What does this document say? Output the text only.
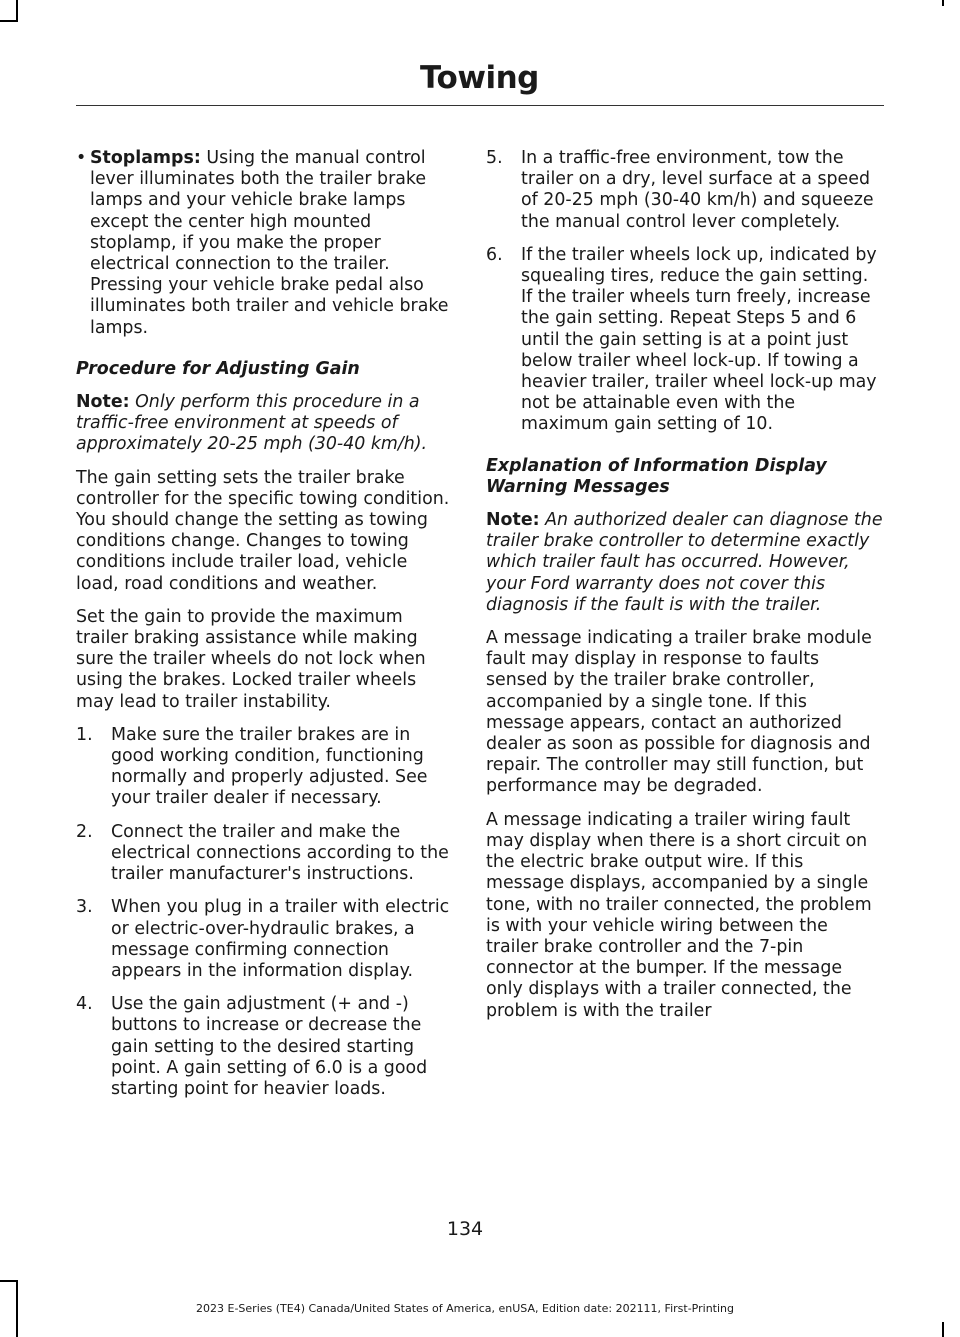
Towing
• Stoplamps: Using the manual control lever illuminates both the trailer brake lamps and your vehicle brake lamps except the center high mounted stoplamp, if you make the proper electrical connection to the trailer. Pressing your vehicle brake pedal also illuminates both trailer and vehicle brake lamps.

Procedure for Adjusting Gain

Note: Only perform this procedure in a traffic-free environment at speeds of approximately 20-25 mph (30-40 km/h).

The gain setting sets the trailer brake controller for the specific towing condition. You should change the setting as towing conditions change. Changes to towing conditions include trailer load, vehicle load, road conditions and weather.

Set the gain to provide the maximum trailer braking assistance while making sure the trailer wheels do not lock when using the brakes. Locked trailer wheels may lead to trailer instability.

1. Make sure the trailer brakes are in good working condition, functioning normally and properly adjusted. See your trailer dealer if necessary.
2. Connect the trailer and make the electrical connections according to the trailer manufacturer's instructions.
3. When you plug in a trailer with electric or electric-over-hydraulic brakes, a message confirming connection appears in the information display.
4. Use the gain adjustment (+ and -) buttons to increase or decrease the gain setting to the desired starting point. A gain setting of 6.0 is a good starting point for heavier loads.
5. In a traffic-free environment, tow the trailer on a dry, level surface at a speed of 20-25 mph (30-40 km/h) and squeeze the manual control lever completely.
6. If the trailer wheels lock up, indicated by squealing tires, reduce the gain setting. If the trailer wheels turn freely, increase the gain setting. Repeat Steps 5 and 6 until the gain setting is at a point just below trailer wheel lock-up. If towing a heavier trailer, trailer wheel lock-up may not be attainable even with the maximum gain setting of 10.

Explanation of Information Display Warning Messages

Note: An authorized dealer can diagnose the trailer brake controller to determine exactly which trailer fault has occurred. However, your Ford warranty does not cover this diagnosis if the fault is with the trailer.

A message indicating a trailer brake module fault may display in response to faults sensed by the trailer brake controller, accompanied by a single tone. If this message appears, contact an authorized dealer as soon as possible for diagnosis and repair. The controller may still function, but performance may be degraded.

A message indicating a trailer wiring fault may display when there is a short circuit on the electric brake output wire. If this message displays, accompanied by a single tone, with no trailer connected, the problem is with your vehicle wiring between the trailer brake controller and the 7-pin connector at the bumper. If the message only displays with a trailer connected, the problem is with the trailer

134
2023 E-Series (TE4) Canada/United States of America, enUSA, Edition date: 202111, First-Printing
